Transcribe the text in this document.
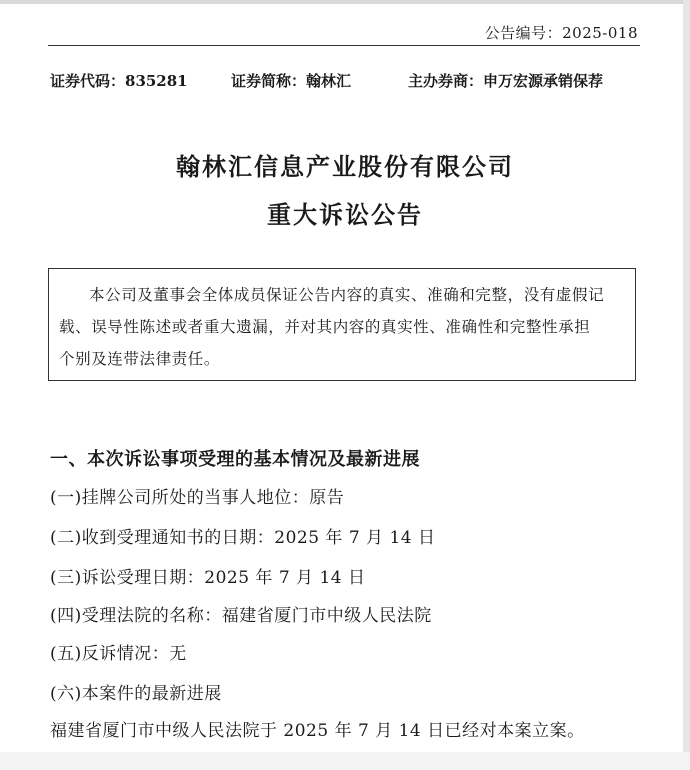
公告编号：2025-018
证券代码：835281	证券简称：翰林汇	主办券商：申万宏源承销保荐
翰林汇信息产业股份有限公司
重大诉讼公告
本公司及董事会全体成员保证公告内容的真实、准确和完整，没有虚假记
载、误导性陈述或者重大遗漏，并对其内容的真实性、准确性和完整性承担
个别及连带法律责任。
一、本次诉讼事项受理的基本情况及最新进展
(一)挂牌公司所处的当事人地位：原告
(二)收到受理通知书的日期：2025 年 7 月 14 日
(三)诉讼受理日期：2025 年 7 月 14 日
(四)受理法院的名称：福建省厦门市中级人民法院
(五)反诉情况：无
(六)本案件的最新进展
福建省厦门市中级人民法院于 2025 年 7 月 14 日已经对本案立案。
